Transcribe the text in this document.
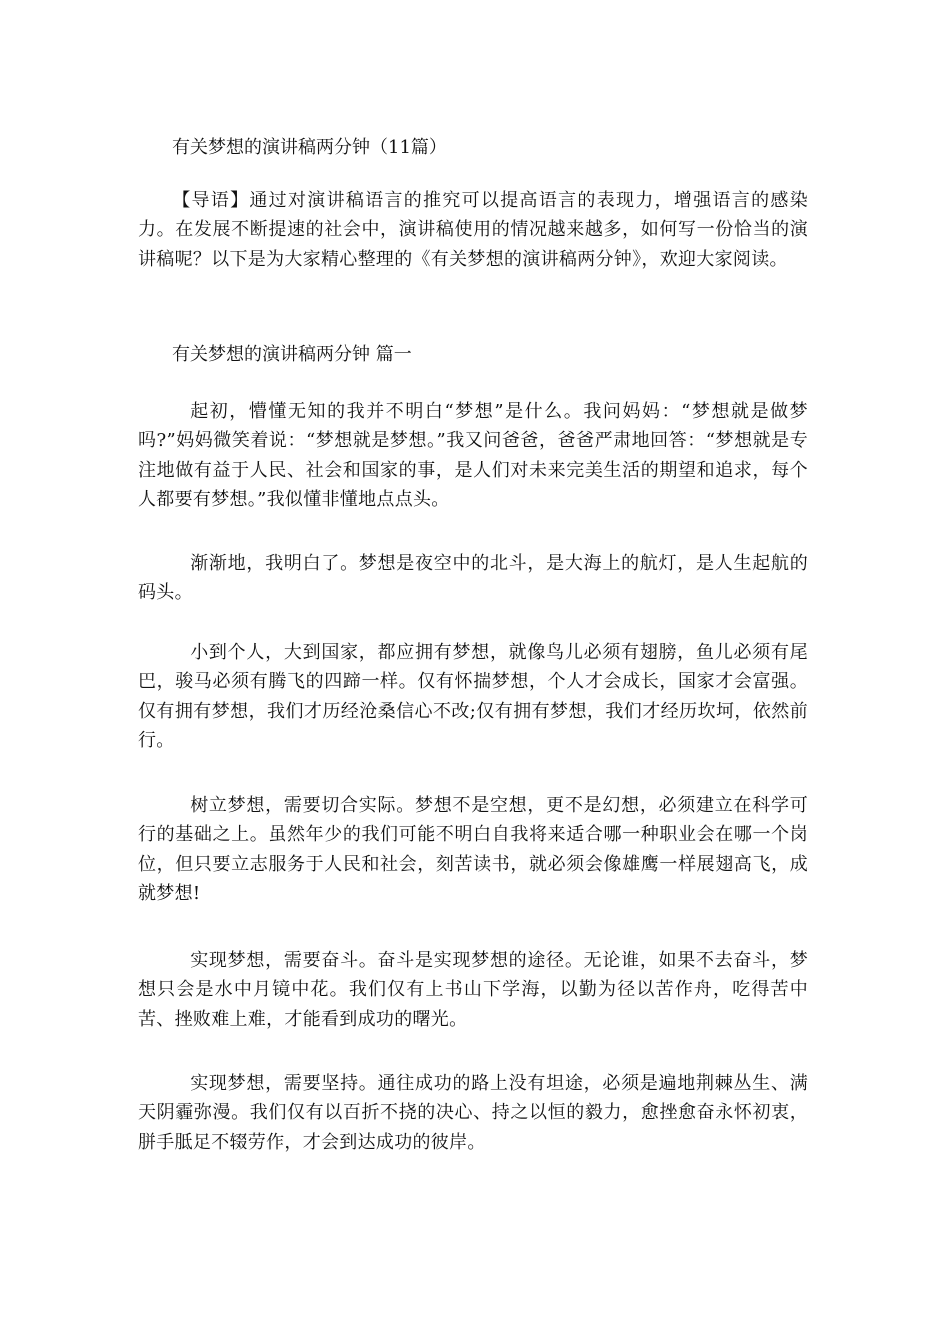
有关梦想的演讲稿两分钟（11篇）

【导语】通过对演讲稿语言的推究可以提高语言的表现力，增强语言的感染力。在发展不断提速的社会中，演讲稿使用的情况越来越多，如何写一份恰当的演讲稿呢？以下是为大家精心整理的《有关梦想的演讲稿两分钟》，欢迎大家阅读。

有关梦想的演讲稿两分钟 篇一

起初，懵懂无知的我并不明白“梦想”是什么。我问妈妈：“梦想就是做梦吗?”妈妈微笑着说：“梦想就是梦想。”我又问爸爸，爸爸严肃地回答：“梦想就是专注地做有益于人民、社会和国家的事，是人们对未来完美生活的期望和追求，每个人都要有梦想。”我似懂非懂地点点头。

渐渐地，我明白了。梦想是夜空中的北斗，是大海上的航灯，是人生起航的码头。

小到个人，大到国家，都应拥有梦想，就像鸟儿必须有翅膀，鱼儿必须有尾巴，骏马必须有腾飞的四蹄一样。仅有怀揣梦想，个人才会成长，国家才会富强。仅有拥有梦想，我们才历经沧桑信心不改;仅有拥有梦想，我们才经历坎坷，依然前行。

树立梦想，需要切合实际。梦想不是空想，更不是幻想，必须建立在科学可行的基础之上。虽然年少的我们可能不明白自我将来适合哪一种职业会在哪一个岗位，但只要立志服务于人民和社会，刻苦读书，就必须会像雄鹰一样展翅高飞，成就梦想!

实现梦想，需要奋斗。奋斗是实现梦想的途径。无论谁，如果不去奋斗，梦想只会是水中月镜中花。我们仅有上书山下学海，以勤为径以苦作舟，吃得苦中苦、挫败难上难，才能看到成功的曙光。

实现梦想，需要坚持。通往成功的路上没有坦途，必须是遍地荆棘丛生、满天阴霾弥漫。我们仅有以百折不挠的决心、持之以恒的毅力，愈挫愈奋永怀初衷，胼手胝足不辍劳作，才会到达成功的彼岸。
